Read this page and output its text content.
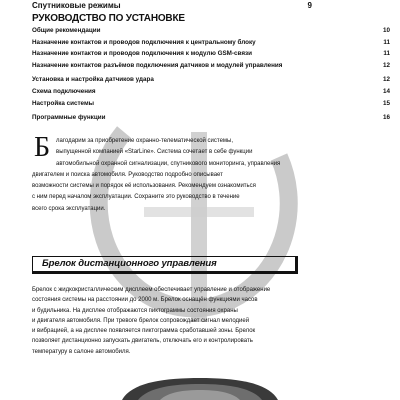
Спутниковые режимы	9
РУКОВОДСТВО ПО УСТАНОВКЕ
Общие рекомендации	10
Назначение контактов и проводов подключения к центральному блоку	11
Назначение контактов и проводов подключения к модулю GSM-связи	11
Назначение контактов разъёмов подключения датчиков и модулей управления	12
Установка и настройка датчиков удара	12
Схема подключения	14
Настройка системы	15
Программные функции	16
Б лагодарим за приобретение охранно-телематической системы,
выпущенной компанией «StarLine». Система сочетает в себе функции
автомобильной охранной сигнализации, спутникового мониторинга, управления
двигателем и поиска автомобиля. Руководство подробно описывает
возможности системы и порядок её использования. Рекомендуем ознакомиться
с ним перед началом эксплуатации. Сохраните это руководство в течение
всего срока эксплуатации.
Брелок дистанционного управления
Брелок с жидкокристаллическим дисплеем обеспечивает управление и отображение
состояния системы на расстоянии до 2000 м. Брелок оснащён функциями часов
и будильника. На дисплее отображаются пиктограммы состояния охраны
и двигателя автомобиля. При тревоге брелок сопровождает сигнал мелодией
и вибрацией, а на дисплее появляется пиктограмма сработавшей зоны. Брелок
позволяет дистанционно запускать двигатель, отключать его и контролировать
температуру в салоне автомобиля.
